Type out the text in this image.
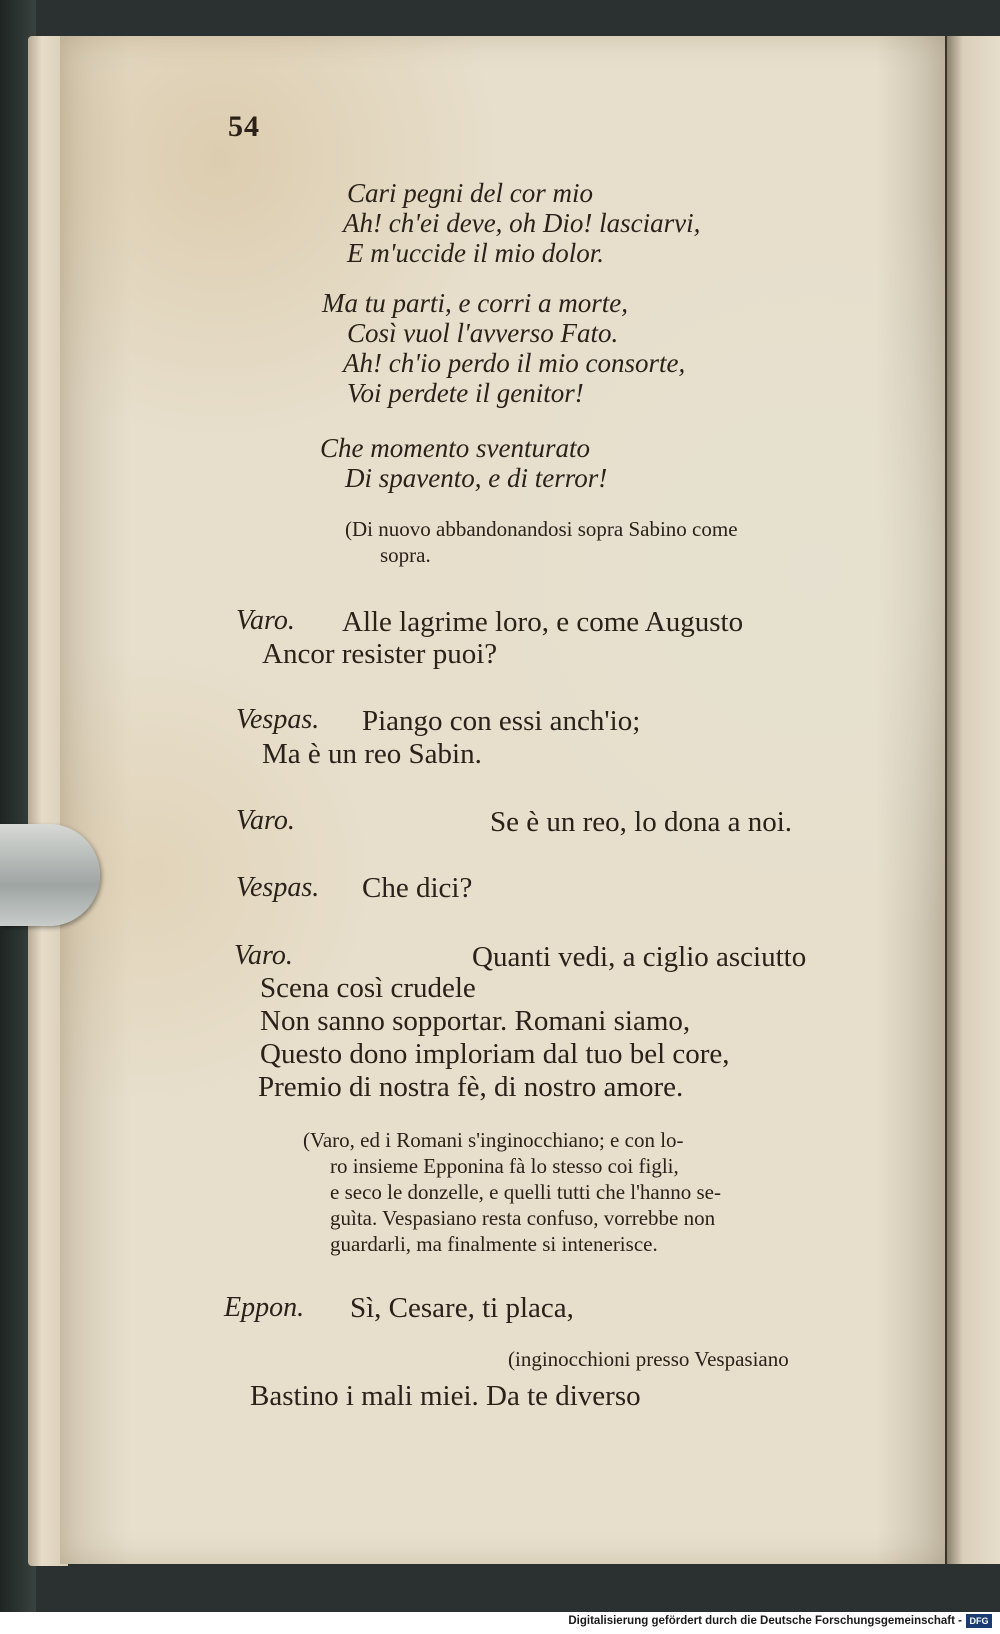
54
Cari pegni del cor mio
Ah! ch'ei deve, oh Dio! lasciarvi,
E m'uccide il mio dolor.
Ma tu parti, e corri a morte,
Così vuol l'avverso Fato.
Ah! ch'io perdo il mio consorte,
Voi perdete il genitor!
Che momento sventurato
Di spavento, e di terror!
(Di nuovo abbandonandosi sopra Sabino come
sopra.
Varo. Alle lagrime loro, e come Augusto
Ancor resister puoi?
Vespas. Piango con essi anch'io;
Ma è un reo Sabin.
Varo.	Se è un reo, lo dona a noi.
Vespas. Che dici?
Varo.	Quanti vedi, a ciglio asciutto
Scena così crudele
Non sanno sopportar. Romani siamo,
Questo dono imploriam dal tuo bel core,
Premio di nostra fè, di nostro amore.
(Varo, ed i Romani s'inginocchiano; e con lo-
ro insieme Epponina fà lo stesso coi figli,
e seco le donzelle, e quelli tutti che l'hanno se-
guìta. Vespasiano resta confuso, vorrebbe non
guardarli, ma finalmente si intenerisce.
Eppon. Sì, Cesare, ti placa,
(inginocchioni presso Vespasiano
Bastino i mali miei. Da te diverso
Digitalisierung gefördert durch die Deutsche Forschungsgemeinschaft - DFG
